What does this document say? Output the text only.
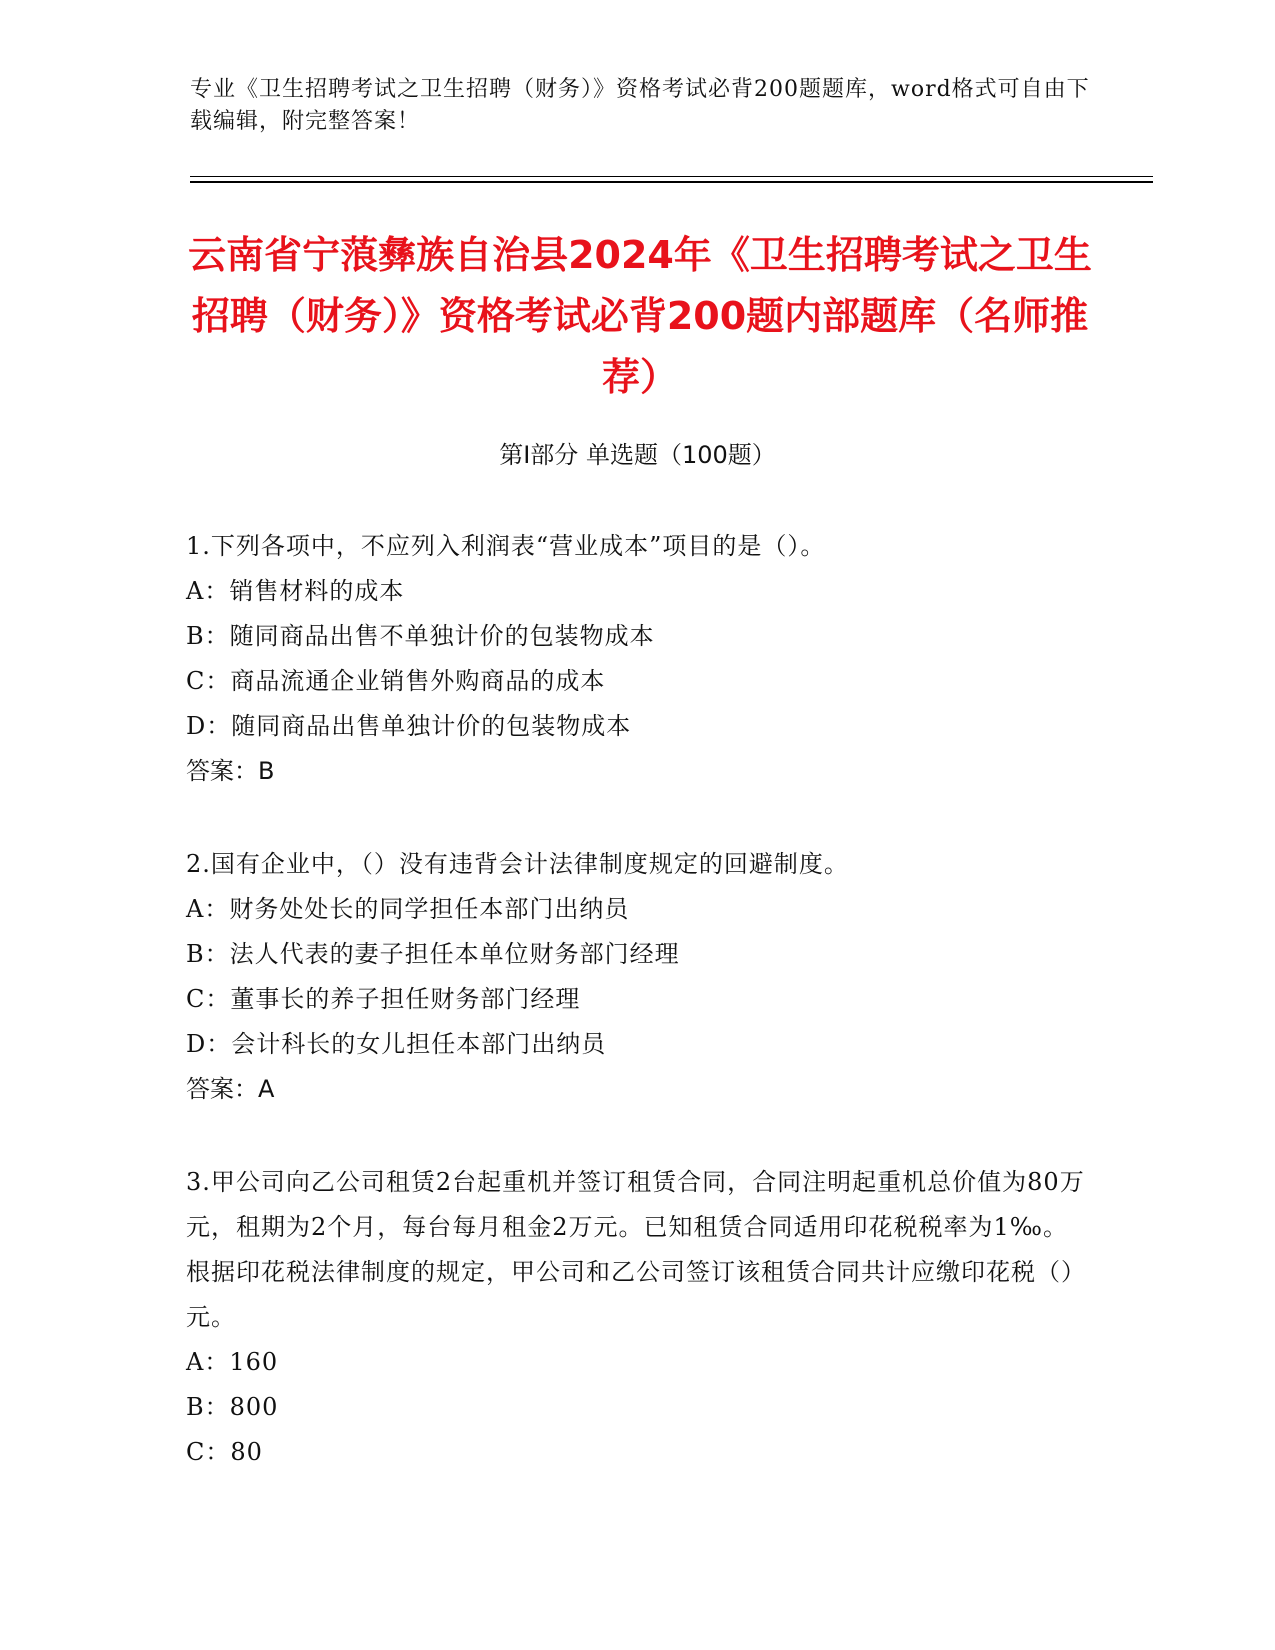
专业《卫生招聘考试之卫生招聘（财务）》资格考试必背200题题库，word格式可自由下载编辑，附完整答案！
云南省宁蒗彝族自治县2024年《卫生招聘考试之卫生招聘（财务）》资格考试必背200题内部题库（名师推荐）
第I部分 单选题（100题）
1.下列各项中，不应列入利润表“营业成本”项目的是（）。
A：销售材料的成本
B：随同商品出售不单独计价的包装物成本
C：商品流通企业销售外购商品的成本
D：随同商品出售单独计价的包装物成本
答案：B
2.国有企业中，（）没有违背会计法律制度规定的回避制度。
A：财务处处长的同学担任本部门出纳员
B：法人代表的妻子担任本单位财务部门经理
C：董事长的养子担任财务部门经理
D：会计科长的女儿担任本部门出纳员
答案：A
3.甲公司向乙公司租赁2台起重机并签订租赁合同，合同注明起重机总价值为80万元，租期为2个月，每台每月租金2万元。已知租赁合同适用印花税税率为1‰。根据印花税法律制度的规定，甲公司和乙公司签订该租赁合同共计应缴印花税（）元。
A：160
B：800
C：80
